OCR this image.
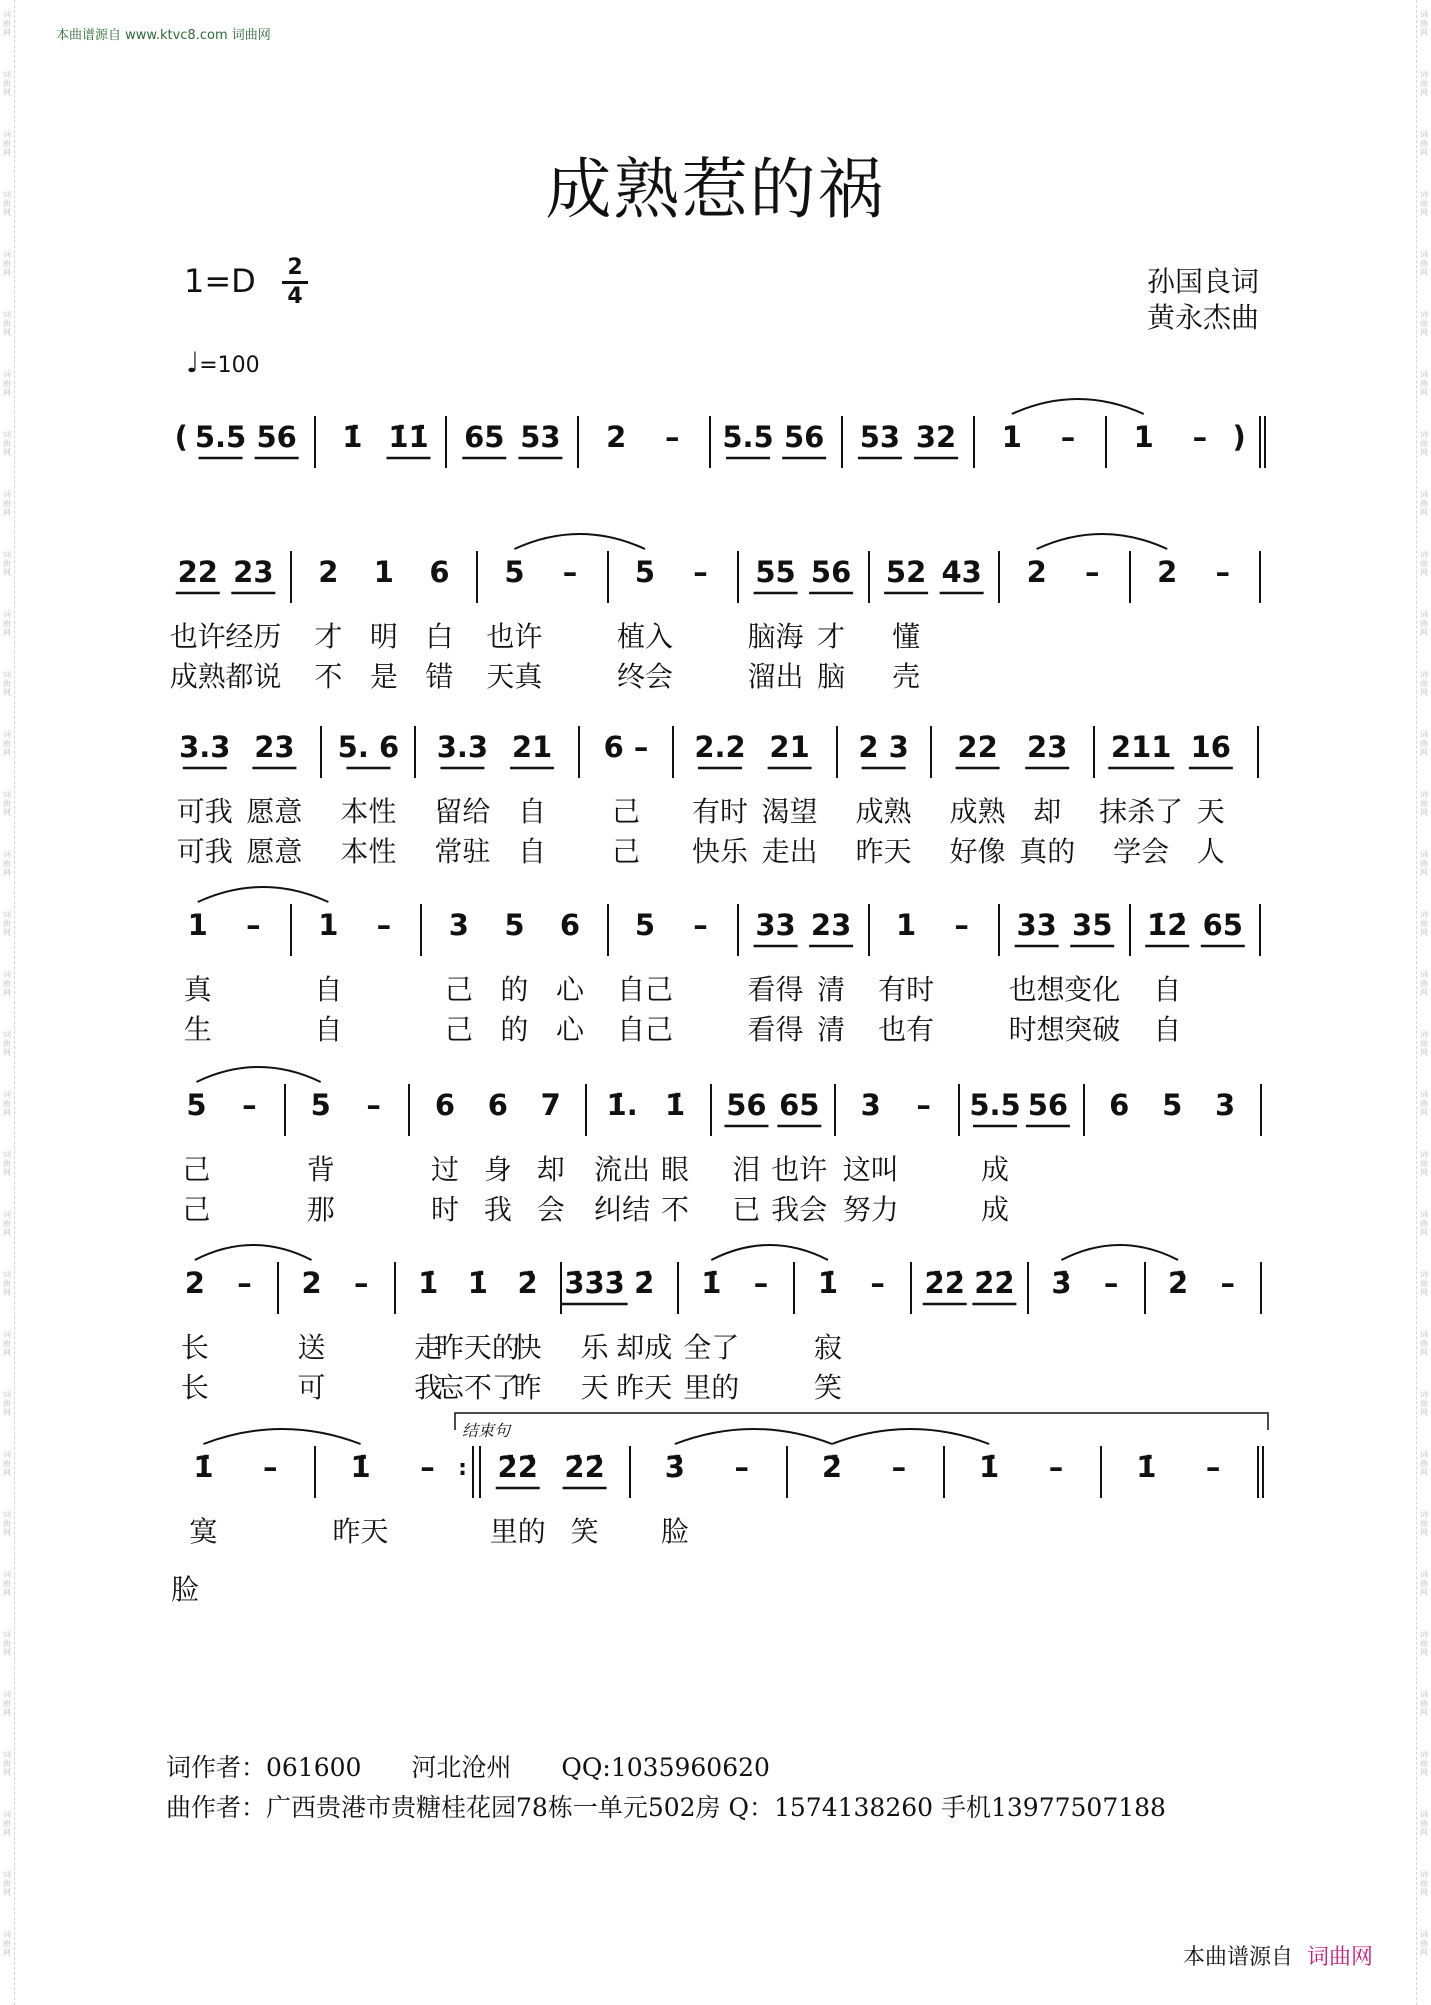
词曲网
词曲网
词曲网
词曲网
词曲网
词曲网
词曲网
词曲网
词曲网
词曲网
词曲网
词曲网
词曲网
词曲网
词曲网
词曲网
词曲网
词曲网
词曲网
词曲网
词曲网
词曲网
词曲网
词曲网
词曲网
词曲网
词曲网
词曲网
词曲网
词曲网
词曲网
词曲网
词曲网
词曲网
词曲网
词曲网
词曲网
词曲网
词曲网
词曲网
词曲网
词曲网
词曲网
词曲网
词曲网
词曲网
词曲网
词曲网
词曲网
词曲网
词曲网
词曲网
词曲网
词曲网
词曲网
词曲网
词曲网
词曲网
词曲网
词曲网
词曲网
词曲网
词曲网
词曲网
词曲网
词曲网
本曲谱源自 www.ktvc8.com 词曲网
成熟惹的祸
1=D 2
4	孙国良词
黄永杰曲
♩=100
结束句
( 5.5 56 1̇ 1̇1̇ 65 53 2 – 5.5 56 53 32 1 – 1 – )
22 23 2 1 6 5 – 5 – 55 56 52 43 2 – 2 –
也许 经历 才 明 白 也许	植入	脑海 才 懂
成熟 都说 不 是 错 天真	终会	溜出 脑 壳
3.3 23 5. 6 3.3 21 6 – 2.2 21 2 3 22 23 211 16
可我 愿意 本性 留给 自 己 有时 渴望 成熟 成熟 却 抹杀了 天
可我 愿意 本性 常驻 自 己 快乐 走出 昨天 好像 真的 学会 人
1 – 1 – 3 5 6 5 – 33 23 1 – 33 35 1̇2̇ 65
真	自	己 的 心 自己	看得 清 有时	也想 变化 自
生	自	己 的 心 自己	看得 清 也有	时想 突破 自
5 – 5 – 6 6 7 1̇. 1̇ 56 65 3 – 5.5 56 6 5 3
己	背	过 身 却 流出 眼 泪 也许 这叫	成
己	那	时 我 会 纠结 不 已 我会 努力	成
2 – 2 – 1̇ 1̇ 2̇ 3̇3̇3̇ 2̇ 1̇ – 1̇ – 2̇2̇ 2̇2̇ 3̇ – 2̇ –
长	送	走
昨天的
快 乐 却成 全了	寂
长	可	我
忘不了
昨 天 昨天 里的	笑
1̇ –	1̇ – : 2̇2̇ 2̇2̇ 3̇ –	2̇ –	1̇ –	1̇ –
寞	昨天	里的 笑 脸
脸
词作者：061600　　河北沧州　　QQ:1035960620
曲作者：广西贵港市贵糖桂花园78栋一单元502房 Q：1574138260 手机13977507188
本曲谱源自 词曲网
